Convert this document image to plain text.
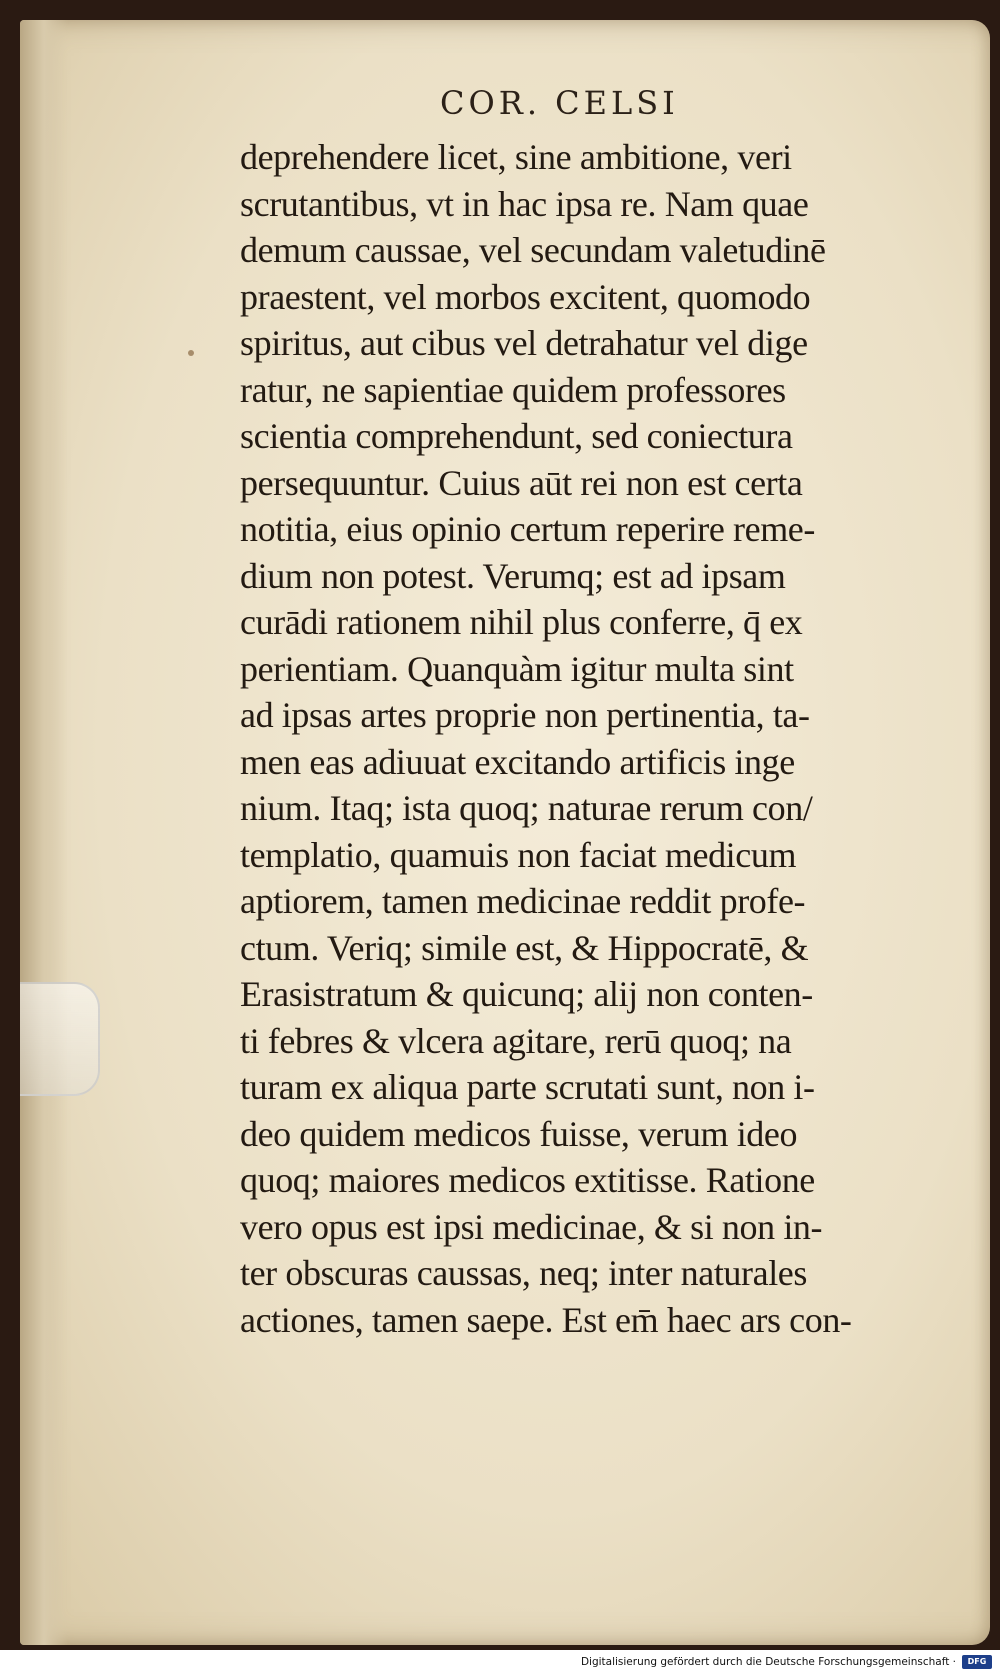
COR. CELSI
deprehendere licet, sine ambitione, veri
scrutantibus, vt in hac ipsa re. Nam quae
demum caussae, vel secundam valetudinē
praestent, vel morbos excitent, quomodo
spiritus, aut cibus vel detrahatur vel dige
ratur, ne sapientiae quidem professores
scientia comprehendunt, sed coniectura
persequuntur. Cuius aūt rei non est certa
notitia, eius opinio certum reperire reme-
dium non potest. Verumq; est ad ipsam
curādi rationem nihil plus conferre, q̄ ex
perientiam. Quanquàm igitur multa sint
ad ipsas artes proprie non pertinentia, ta-
men eas adiuuat excitando artificis inge
nium. Itaq; ista quoq; naturae rerum con/
templatio, quamuis non faciat medicum
aptiorem, tamen medicinae reddit profe-
ctum. Veriq; simile est, & Hippocratē, &
Erasistratum & quicunq; alij non conten-
ti febres & vlcera agitare, rerū quoq; na
turam ex aliqua parte scrutati sunt, non i-
deo quidem medicos fuisse, verum ideo
quoq; maiores medicos extitisse. Ratione
vero opus est ipsi medicinae, & si non in-
ter obscuras caussas, neq; inter naturales
actiones, tamen saepe. Est em̄ haec ars con-
Digitalisierung gefördert durch die Deutsche Forschungsgemeinschaft ·	DFG
